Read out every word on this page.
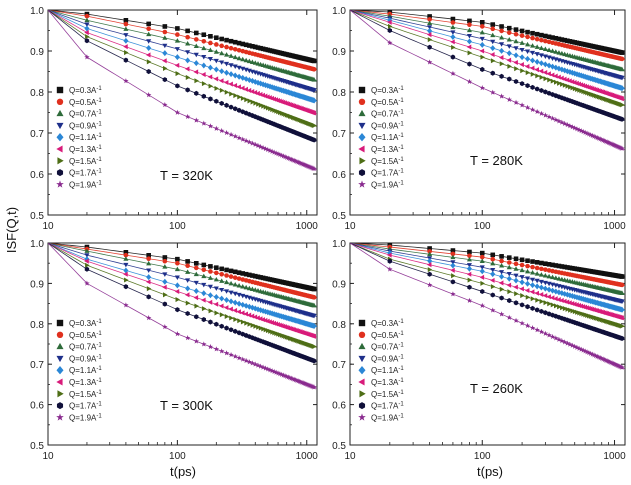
ISF(Q,t)
t(ps)	t(ps)
0.5
0.6
0.7
0.8
0.9
1.0
10	100	1000
$Q=0.3A^{-1}$
$Q=0.5A^{-1}$
$Q=0.7A^{-1}$
$Q=0.9A^{-1}$
$Q=1.1A^{-1}$
$Q=1.3A^{-1}$
$Q=1.5A^{-1}$
$Q=1.7A^{-1}$
$Q=1.9A^{-1}$
T = 320K
0.5
0.6
0.7
0.8
0.9
1.0
10	100	1000
$Q=0.3A^{-1}$
$Q=0.5A^{-1}$
$Q=0.7A^{-1}$
$Q=0.9A^{-1}$
$Q=1.1A^{-1}$
$Q=1.3A^{-1}$
$Q=1.5A^{-1}$
$Q=1.7A^{-1}$
$Q=1.9A^{-1}$
T = 280K
0.5
0.6
0.7
0.8
0.9
1.0
10	100	1000
$Q=0.3A^{-1}$
$Q=0.5A^{-1}$
$Q=0.7A^{-1}$
$Q=0.9A^{-1}$
$Q=1.1A^{-1}$
$Q=1.3A^{-1}$
$Q=1.5A^{-1}$
$Q=1.7A^{-1}$
$Q=1.9A^{-1}$
T = 300K
0.5
0.6
0.7
0.8
0.9
1.0
10	100	1000
$Q=0.3A^{-1}$
$Q=0.5A^{-1}$
$Q=0.7A^{-1}$
$Q=0.9A^{-1}$
$Q=1.1A^{-1}$
$Q=1.3A^{-1}$
$Q=1.5A^{-1}$
$Q=1.7A^{-1}$
$Q=1.9A^{-1}$
T = 260K
